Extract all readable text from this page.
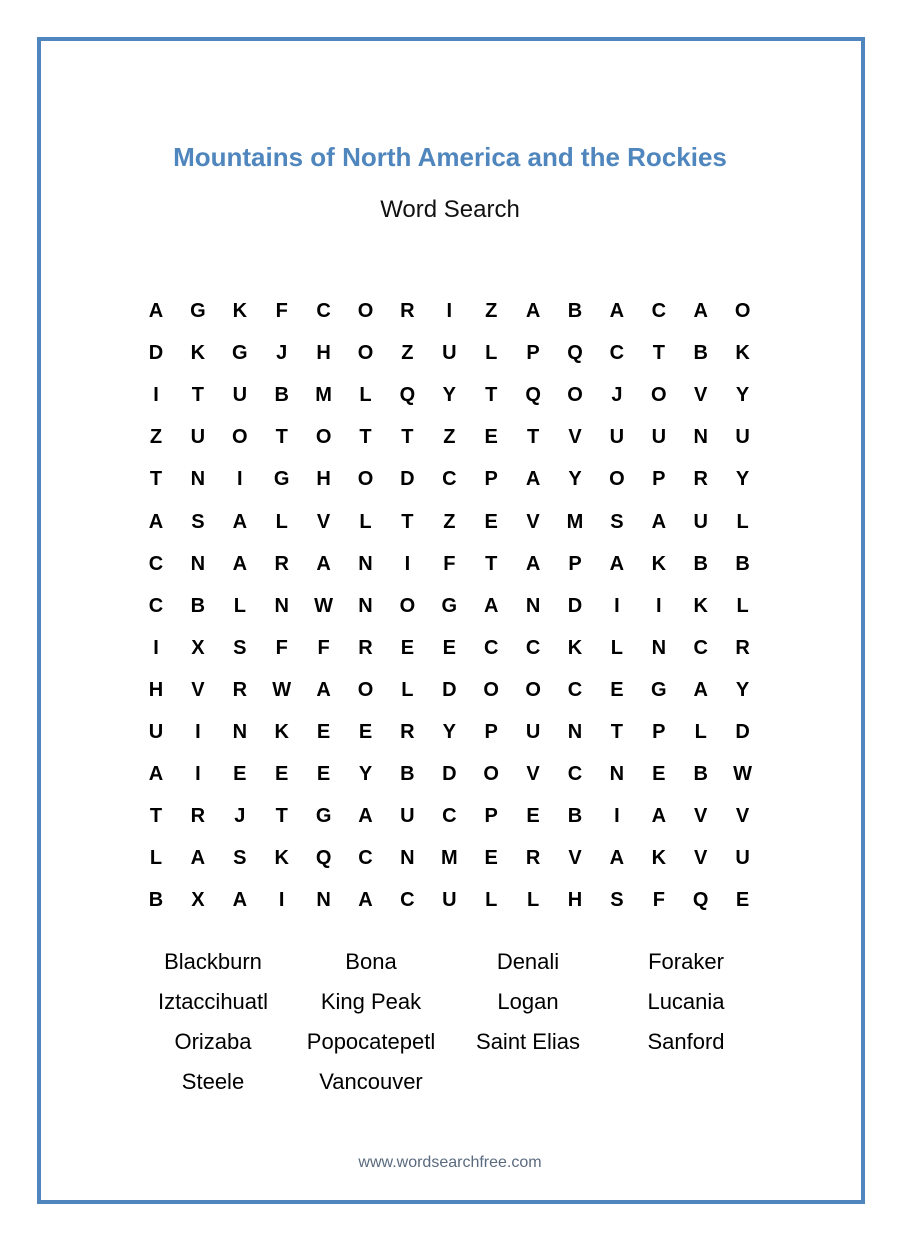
Mountains of North America and the Rockies
Word Search
A	G	K	F	C	O	R	I	Z	A	B	A	C	A	O
D	K	G	J	H	O	Z	U	L	P	Q	C	T	B	K
I	T	U	B	M	L	Q	Y	T	Q	O	J	O	V	Y
Z	U	O	T	O	T	T	Z	E	T	V	U	U	N	U
T	N	I	G	H	O	D	C	P	A	Y	O	P	R	Y
A	S	A	L	V	L	T	Z	E	V	M	S	A	U	L
C	N	A	R	A	N	I	F	T	A	P	A	K	B	B
C	B	L	N	W	N	O	G	A	N	D	I	I	K	L
I	X	S	F	F	R	E	E	C	C	K	L	N	C	R
H	V	R	W	A	O	L	D	O	O	C	E	G	A	Y
U	I	N	K	E	E	R	Y	P	U	N	T	P	L	D
A	I	E	E	E	Y	B	D	O	V	C	N	E	B	W
T	R	J	T	G	A	U	C	P	E	B	I	A	V	V
L	A	S	K	Q	C	N	M	E	R	V	A	K	V	U
B	X	A	I	N	A	C	U	L	L	H	S	F	Q	E
Blackburn	Bona	Denali	Foraker
Iztaccihuatl	King Peak	Logan	Lucania
Orizaba	Popocatepetl	Saint Elias	Sanford
Steele	Vancouver
www.wordsearchfree.com
